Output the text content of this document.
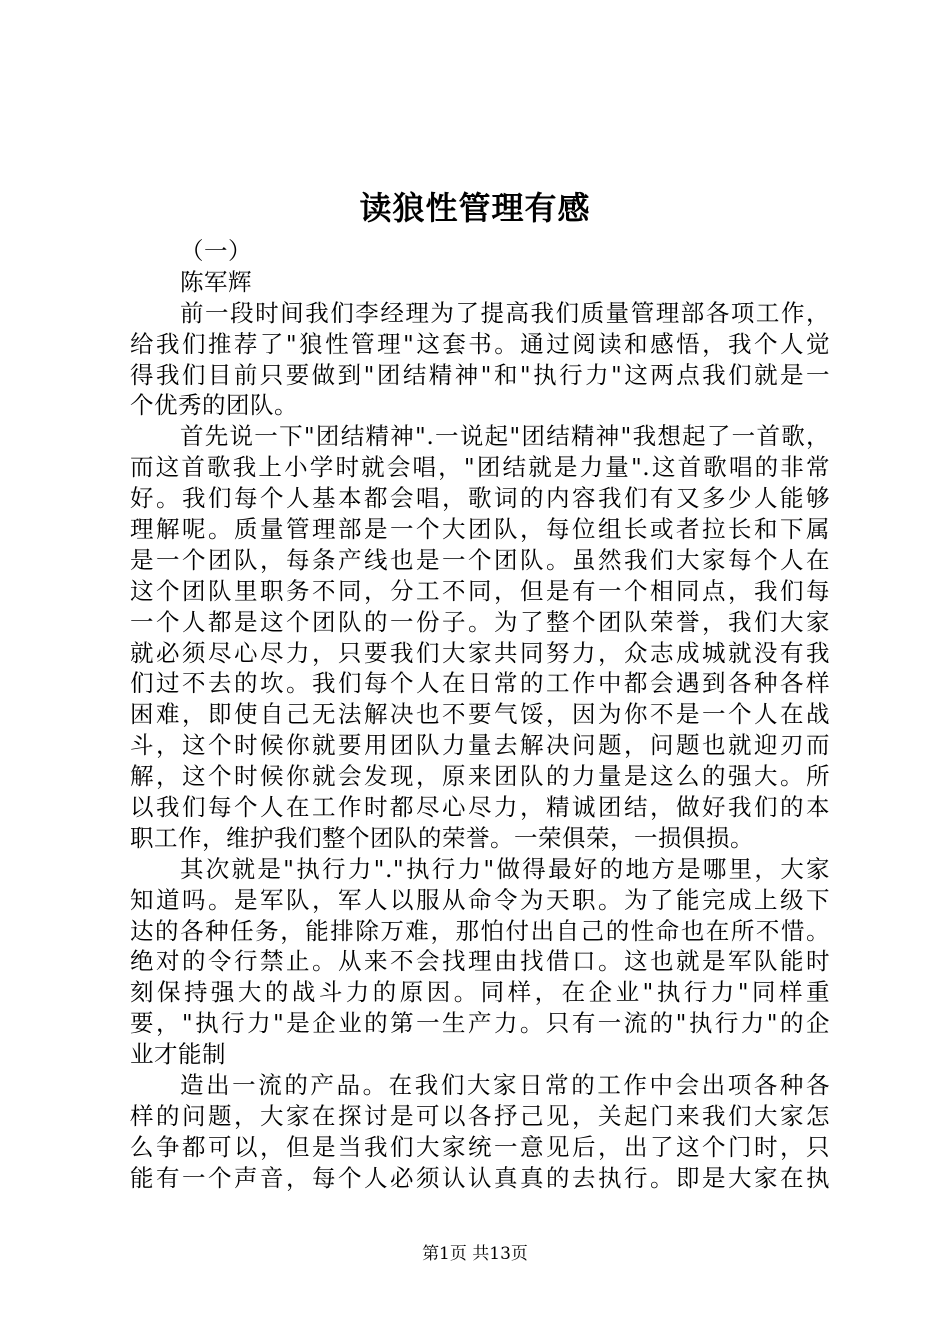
读狼性管理有感
（一）
陈军辉
前一段时间我们李经理为了提高我们质量管理部各项工作，
给我们推荐了"狼性管理"这套书。通过阅读和感悟，我个人觉
得我们目前只要做到"团结精神"和"执行力"这两点我们就是一
个优秀的团队。
首先说一下"团结精神".一说起"团结精神"我想起了一首歌，
而这首歌我上小学时就会唱，"团结就是力量".这首歌唱的非常
好。我们每个人基本都会唱，歌词的内容我们有又多少人能够
理解呢。质量管理部是一个大团队，每位组长或者拉长和下属
是一个团队，每条产线也是一个团队。虽然我们大家每个人在
这个团队里职务不同，分工不同，但是有一个相同点，我们每
一个人都是这个团队的一份子。为了整个团队荣誉，我们大家
就必须尽心尽力，只要我们大家共同努力，众志成城就没有我
们过不去的坎。我们每个人在日常的工作中都会遇到各种各样
困难，即使自己无法解决也不要气馁，因为你不是一个人在战
斗，这个时候你就要用团队力量去解决问题，问题也就迎刃而
解，这个时候你就会发现，原来团队的力量是这么的强大。所
以我们每个人在工作时都尽心尽力，精诚团结，做好我们的本
职工作，维护我们整个团队的荣誉。一荣俱荣，一损俱损。
其次就是"执行力"."执行力"做得最好的地方是哪里，大家
知道吗。是军队，军人以服从命令为天职。为了能完成上级下
达的各种任务，能排除万难，那怕付出自己的性命也在所不惜。
绝对的令行禁止。从来不会找理由找借口。这也就是军队能时
刻保持强大的战斗力的原因。同样，在企业"执行力"同样重
要，"执行力"是企业的第一生产力。只有一流的"执行力"的企
业才能制
造出一流的产品。在我们大家日常的工作中会出项各种各
样的问题，大家在探讨是可以各抒己见，关起门来我们大家怎
么争都可以，但是当我们大家统一意见后，出了这个门时，只
能有一个声音，每个人必须认认真真的去执行。即是大家在执
第1页 共13页
